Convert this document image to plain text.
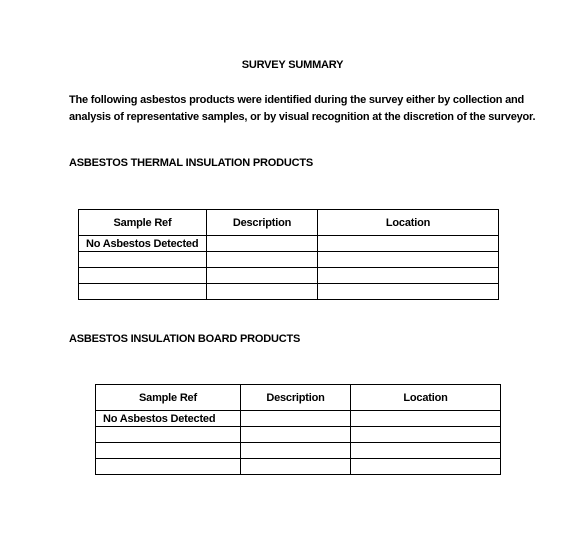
SURVEY SUMMARY
The following asbestos products were identified during the survey either by collection and analysis of representative samples, or by visual recognition at the discretion of the surveyor.
ASBESTOS THERMAL INSULATION PRODUCTS
Sample Ref	Description	Location
No Asbestos Detected		

ASBESTOS INSULATION BOARD PRODUCTS
Sample Ref	Description	Location
No Asbestos Detected		
